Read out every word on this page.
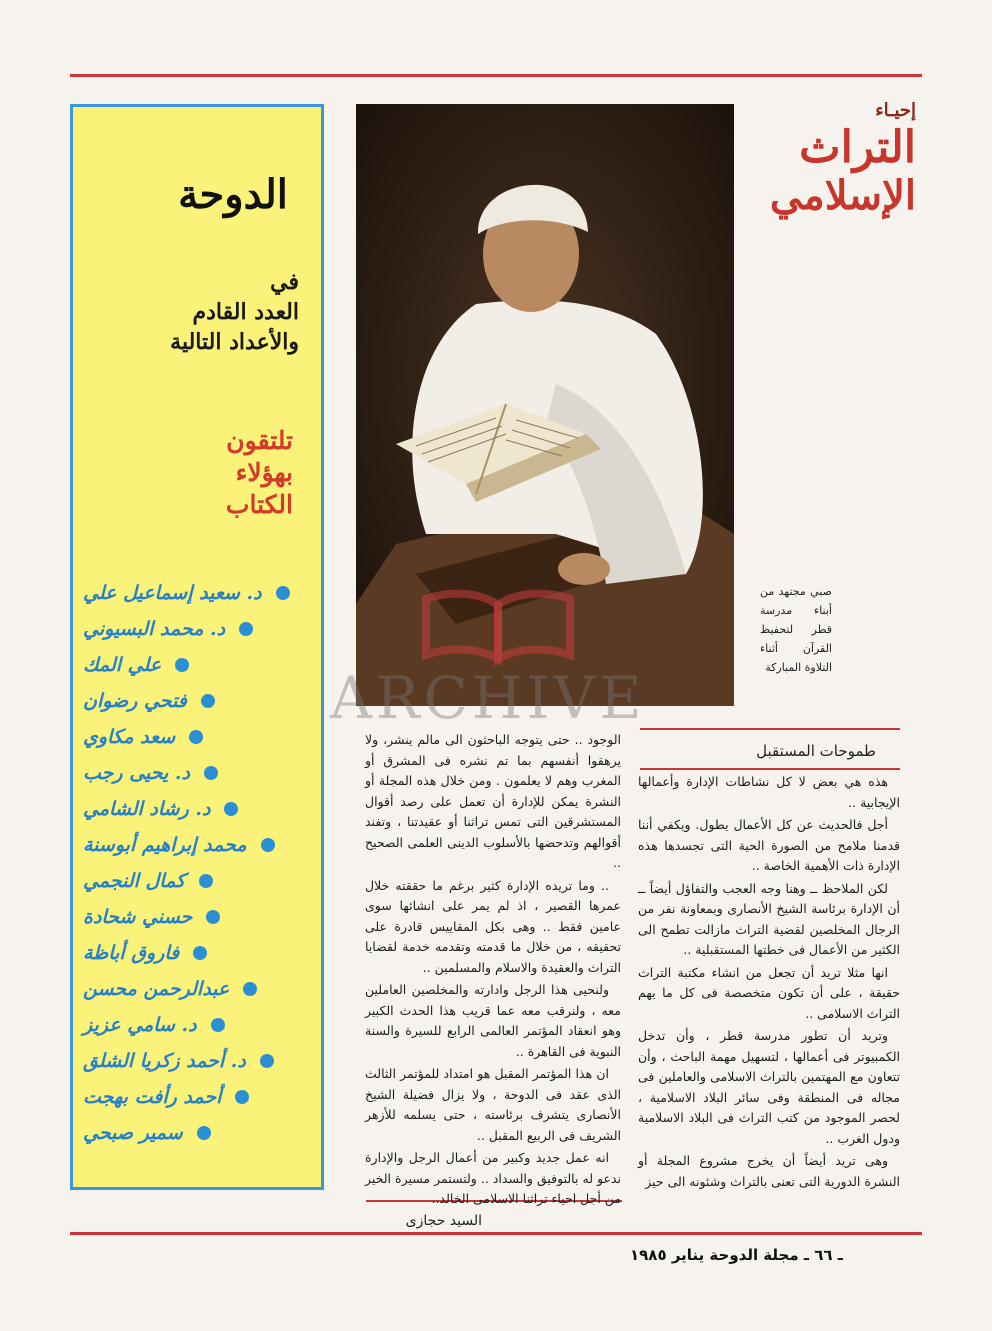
الدوحة
في
العدد القادم
والأعداد التالية
تلتقون
بهؤلاء
الكتاب
د. سعيد إسماعيل علي
د. محمد البسيوني
علي المك
فتحي رضوان
سعد مكاوي
د. يحيى رجب
د. رشاد الشامي
محمد إبراهيم أبوسنة
كمال النجمي
حسني شحادة
فاروق أباظة
عبدالرحمن محسن
د. سامي عزيز
د. أحمد زكريا الشلق
أحمد رأفت بهجت
سمير صبحي
إحيـاء
التراث
الإسلامي
صبي مجتهد من أبناء مدرسة قطر لتحفيظ القرآن أثناء التلاوة المباركة
ARCHIVE
طموحات المستقبل

هذه هي بعض لا كل نشاطات الإدارة وأعمالها الإيجابية ..

أجل فالحديث عن كل الأعمال يطول. ويكفي أننا قدمنا ملامح من الصورة الحية التى تجسدها هذه الإدارة ذات الأهمية الخاصة ..

لكن الملاحظ ــ وهنا وجه العجب والتفاؤل أيضاً ــ أن الإدارة برئاسة الشيخ الأنصارى وبمعاونة نفر من الرجال المخلصين لقضية التراث مازالت تطمح الى الكثير من الأعمال فى خطتها المستقبلية ..

انها مثلا تريد أن تجعل من انشاء مكتبة التراث حقيقة ، على أن تكون متخصصة فى كل ما يهم التراث الاسلامى ..

وتريد أن تطور مدرسة قطر ، وأن تدخل الكمبيوتر فى أعمالها ، لتسهيل مهمة الباحث ، وأن تتعاون مع المهتمين بالتراث الاسلامى والعاملين فى مجاله فى المنطقة وفى سائر البلاد الاسلامية ، لحصر الموجود من كتب التراث فى البلاد الاسلامية ودول الغرب ..

وهى تريد أيضاً أن يخرج مشروع المجلة أو النشرة الدورية التى تعنى بالتراث وشئونه الى حيز

الوجود .. حتى يتوجه الباحثون الى مالم ينشر، ولا يرهقوا أنفسهم بما تم نشره فى المشرق أو المغرب وهم لا يعلمون . ومن خلال هذه المجلة أو النشرة يمكن للإدارة أن تعمل على رصد أقوال المستشرقين التى تمس تراثنا أو عقيدتنا ، وتفند أقوالهم وتدحضها بالأسلوب الدينى العلمى الصحيح ..

.. وما تريده الإدارة كثير برغم ما حققته خلال عمرها القصير ، اذ لم يمر على انشائها سوى عامين فقط .. وهى بكل المقاييس قادرة على تحقيقه ، من خلال ما قدمته وتقدمه خدمة لقضايا التراث والعقيدة والاسلام والمسلمين ..

ولنحيى هذا الرجل وادارته والمخلصين العاملين معه ، ولنرقب معه عما قريب هذا الحدث الكبير وهو انعقاد المؤتمر العالمى الرابع للسيرة والسنة النبوية فى القاهرة ..

ان هذا المؤتمر المقبل هو امتداد للمؤتمر الثالث الذى عقد فى الدوحة ، ولا يزال فضيلة الشيخ الأنصارى يتشرف برئاسته ، حتى يسلمه للأزهر الشريف فى الربيع المقبل ..

انه عمل جديد وكبير من أعمال الرجل والإدارة ندعو له بالتوفيق والسداد .. ولتستمر مسيرة الخير من أجل احياء تراثنا الاسلامى الخالد..

السيد حجازى
ـ ٦٦ ـ مجلة الدوحة يناير ١٩٨٥
